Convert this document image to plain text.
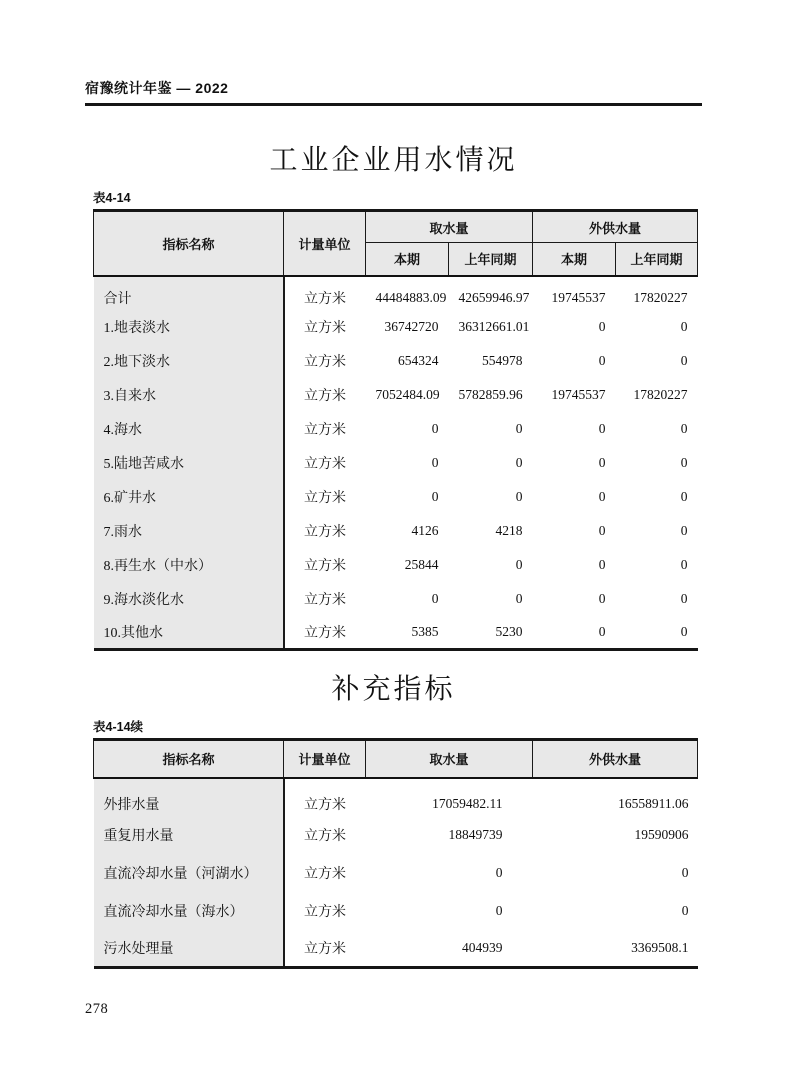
宿豫统计年鉴 — 2022
工业企业用水情况
表4-14
指标名称	计量单位	取水量		外供水量	
		本期	上年同期	本期	上年同期
合计	立方米	44484883.09	42659946.97	19745537	17820227
1.地表淡水	立方米	36742720	36312661.01	0	0
2.地下淡水	立方米	654324	554978	0	0
3.自来水	立方米	7052484.09	5782859.96	19745537	17820227
4.海水	立方米	0	0	0	0
5.陆地苦咸水	立方米	0	0	0	0
6.矿井水	立方米	0	0	0	0
7.雨水	立方米	4126	4218	0	0
8.再生水（中水）	立方米	25844	0	0	0
9.海水淡化水	立方米	0	0	0	0
10.其他水	立方米	5385	5230	0	0
补充指标
表4-14续
指标名称	计量单位	取水量	外供水量
外排水量	立方米	17059482.11	16558911.06
重复用水量	立方米	18849739	19590906
直流冷却水量（河湖水）	立方米	0	0
直流冷却水量（海水）	立方米	0	0
污水处理量	立方米	404939	3369508.1
278
